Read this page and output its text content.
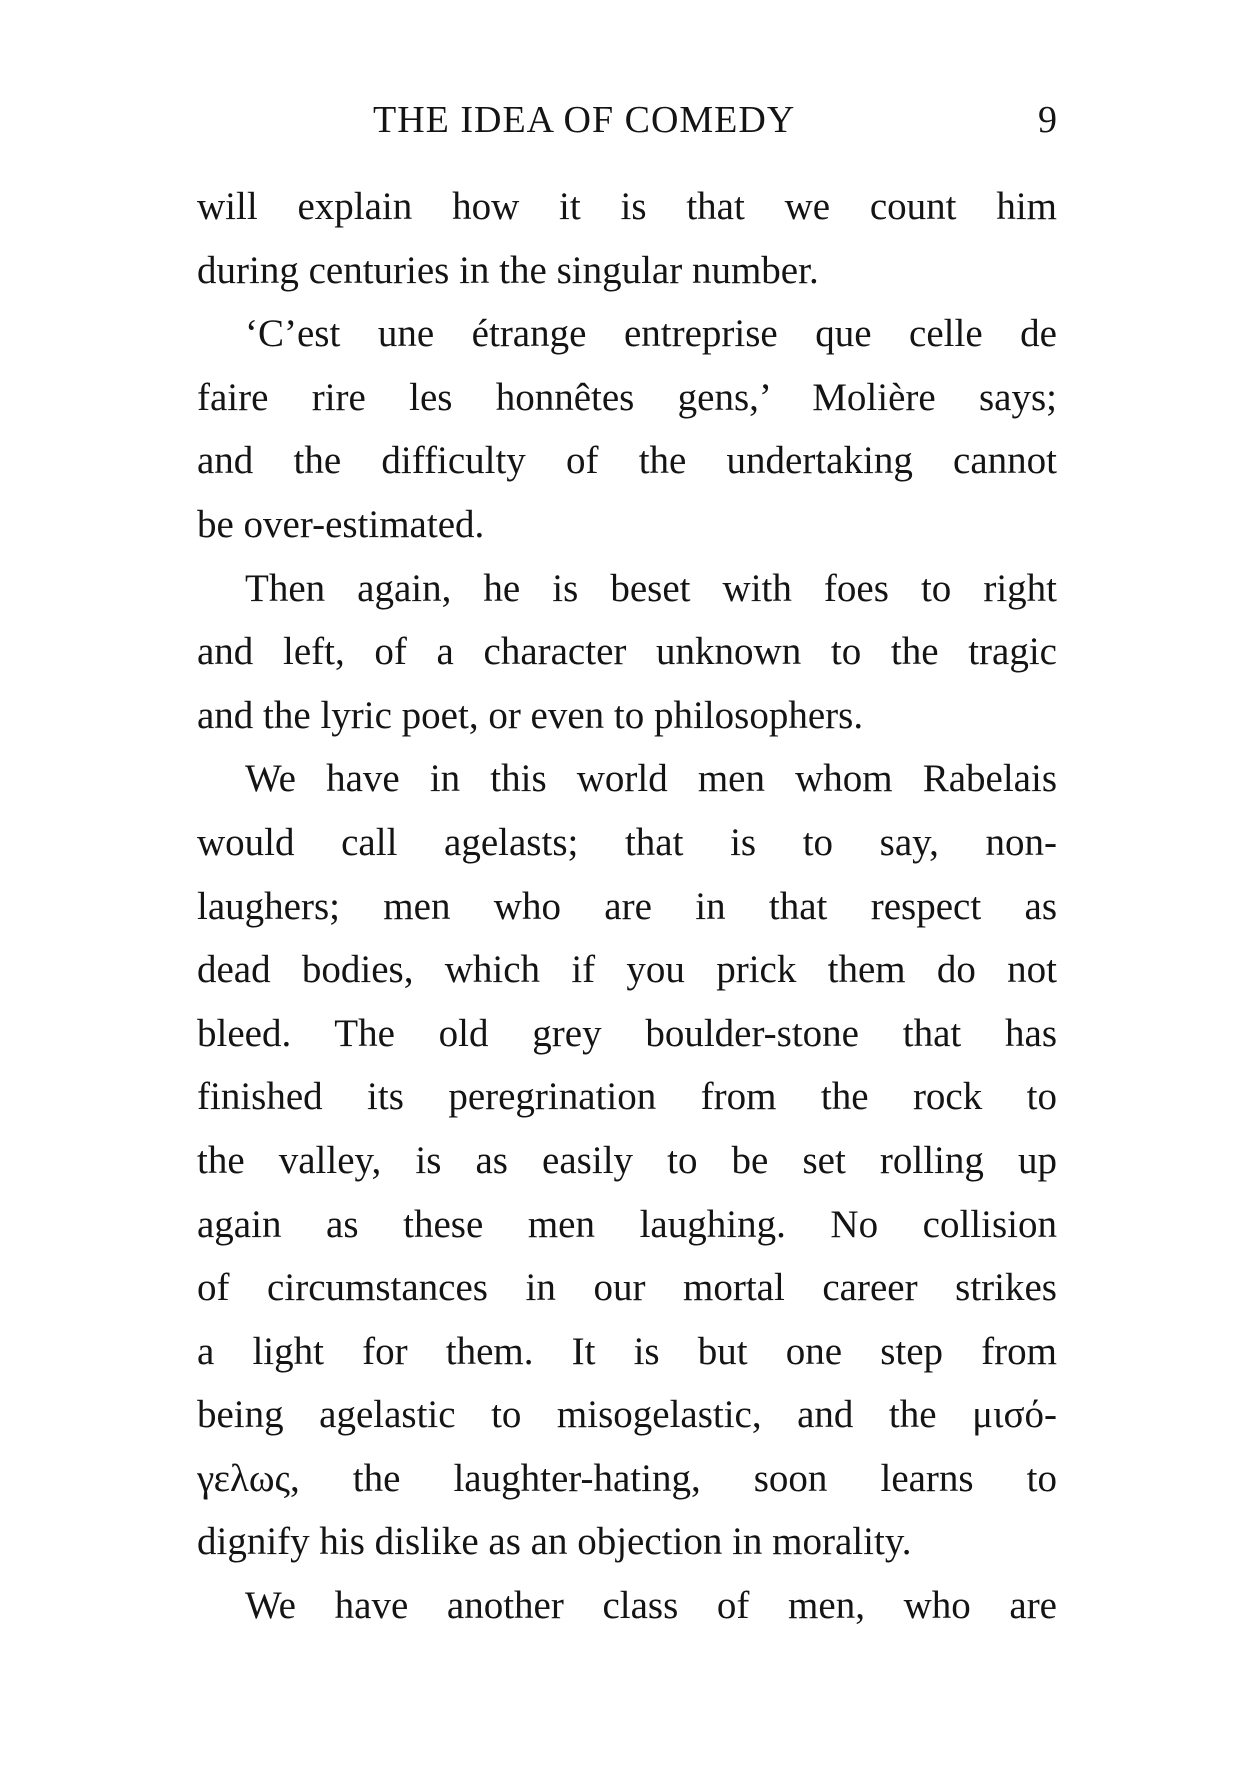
THE IDEA OF COMEDY	9
will explain how it is that we count him
during centuries in the singular number.
‘C’est une étrange entreprise que celle de
faire rire les honnêtes gens,’ Molière says;
and the difficulty of the undertaking cannot
be over-estimated.
Then again, he is beset with foes to right
and left, of a character unknown to the tragic
and the lyric poet, or even to philosophers.
We have in this world men whom Rabelais
would call agelasts; that is to say, non-
laughers; men who are in that respect as
dead bodies, which if you prick them do not
bleed. The old grey boulder-stone that has
finished its peregrination from the rock to
the valley, is as easily to be set rolling up
again as these men laughing. No collision
of circumstances in our mortal career strikes
a light for them. It is but one step from
being agelastic to misogelastic, and the μισό-
γελως, the laughter-hating, soon learns to
dignify his dislike as an objection in morality.
We have another class of men, who are
